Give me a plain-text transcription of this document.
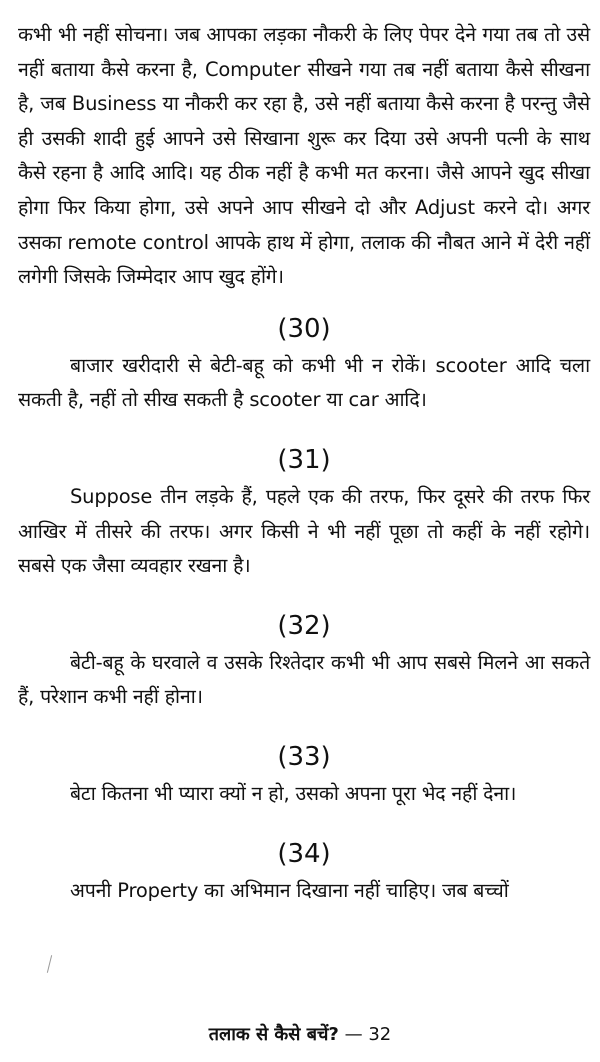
कभी भी नहीं सोचना। जब आपका लड़का नौकरी के लिए पेपर देने गया तब तो उसे नहीं बताया कैसे करना है, Computer सीखने गया तब नहीं बताया कैसे सीखना है, जब Business या नौकरी कर रहा है, उसे नहीं बताया कैसे करना है परन्तु जैसे ही उसकी शादी हुई आपने उसे सिखाना शुरू कर दिया उसे अपनी पत्नी के साथ कैसे रहना है आदि आदि। यह ठीक नहीं है कभी मत करना। जैसे आपने खुद सीखा होगा फिर किया होगा, उसे अपने आप सीखने दो और Adjust करने दो। अगर उसका remote control आपके हाथ में होगा, तलाक की नौबत आने में देरी नहीं लगेगी जिसके जिम्मेदार आप खुद होंगे।

(30)

बाजार खरीदारी से बेटी-बहू को कभी भी न रोकें। scooter आदि चला सकती है, नहीं तो सीख सकती है scooter या car आदि।

(31)

Suppose तीन लड़के हैं, पहले एक की तरफ, फिर दूसरे की तरफ फिर आखिर में तीसरे की तरफ। अगर किसी ने भी नहीं पूछा तो कहीं के नहीं रहोगे। सबसे एक जैसा व्यवहार रखना है।

(32)

बेटी-बहू के घरवाले व उसके रिश्तेदार कभी भी आप सबसे मिलने आ सकते हैं, परेशान कभी नहीं होना।

(33)

बेटा कितना भी प्यारा क्यों न हो, उसको अपना पूरा भेद नहीं देना।

(34)

अपनी Property का अभिमान दिखाना नहीं चाहिए। जब बच्चों

तलाक से कैसे बचें? — 32
